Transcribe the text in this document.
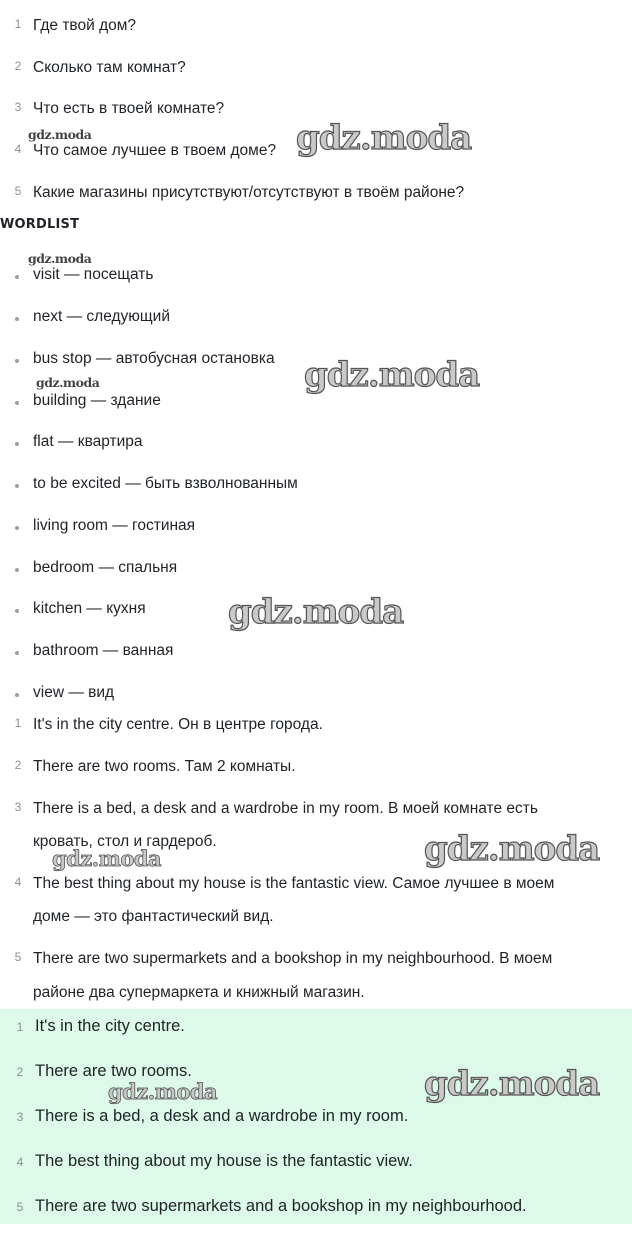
1 Где твой дом?
2 Сколько там комнат?
3 Что есть в твоей комнате?
4 Что самое лучшее в твоем доме?
5 Какие магазины присутствуют/отсутствуют в твоём районе?
WORDLIST
visit — посещать
next — следующий
bus stop — автобусная остановка
building — здание
flat — квартира
to be excited — быть взволнованным
living room — гостиная
bedroom — спальня
kitchen — кухня
bathroom — ванная
view — вид
1 It's in the city centre. Он в центре города.
2 There are two rooms. Там 2 комнаты.
3 There is a bed, a desk and a wardrobe in my room. В моей комнате есть
кровать, стол и гардероб.
4 The best thing about my house is the fantastic view. Самое лучшее в моем
доме — это фантастический вид.
5 There are two supermarkets and a bookshop in my neighbourhood. В моем
районе два супермаркета и книжный магазин.
1 It's in the city centre.
2 There are two rooms.
3 There is a bed, a desk and a wardrobe in my room.
4 The best thing about my house is the fantastic view.
5 There are two supermarkets and a bookshop in my neighbourhood.
gdz.moda	gdz.moda
gdz.moda
gdz.moda
gdz.moda
gdz.moda
gdz.moda
gdz.moda
gdz.moda
gdz.moda
